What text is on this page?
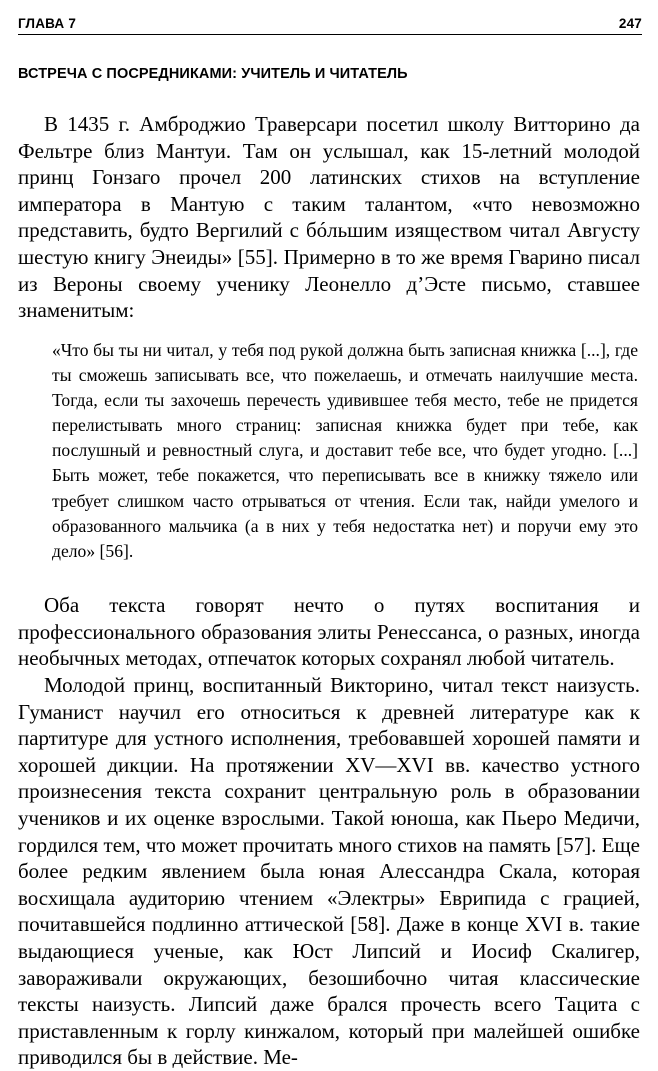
ГЛАВА 7	247
ВСТРЕЧА С ПОСРЕДНИКАМИ: УЧИТЕЛЬ И ЧИТАТЕЛЬ

В 1435 г. Амброджио Траверсари посетил школу Витторино да Фельтре близ Мантуи. Там он услышал, как 15-летний молодой принц Гонзаго прочел 200 латинских стихов на вступление императора в Мантую с таким талантом, «что невозможно представить, будто Вергилий с бóльшим изяществом читал Августу шестую книгу Энеиды» [55]. Примерно в то же время Гварино писал из Вероны своему ученику Леонелло д’Эсте письмо, ставшее знаменитым:

«Что бы ты ни читал, у тебя под рукой должна быть записная книжка [...], где ты сможешь записывать все, что пожелаешь, и отмечать наилучшие места. Тогда, если ты захочешь перечесть удивившее тебя место, тебе не придется перелистывать много страниц: записная книжка будет при тебе, как послушный и ревностный слуга, и доставит тебе все, что будет угодно. [...] Быть может, тебе покажется, что переписывать все в книжку тяжело или требует слишком часто отрываться от чтения. Если так, найди умелого и образованного мальчика (а в них у тебя недостатка нет) и поручи ему это дело» [56].

Оба текста говорят нечто о путях воспитания и профессионального образования элиты Ренессанса, о разных, иногда необычных методах, отпечаток которых сохранял любой читатель.

Молодой принц, воспитанный Викторино, читал текст наизусть. Гуманист научил его относиться к древней литературе как к партитуре для устного исполнения, требовавшей хорошей памяти и хорошей дикции. На протяжении XV—XVI вв. качество устного произнесения текста сохранит центральную роль в образовании учеников и их оценке взрослыми. Такой юноша, как Пьеро Медичи, гордился тем, что может прочитать много стихов на память [57]. Еще более редким явлением была юная Алессандра Скала, которая восхищала аудиторию чтением «Электры» Еврипида с грацией, почитавшейся подлинно аттической [58]. Даже в конце XVI в. такие выдающиеся ученые, как Юст Липсий и Иосиф Скалигер, завораживали окружающих, безошибочно читая классические тексты наизусть. Липсий даже брался прочесть всего Тацита с приставленным к горлу кинжалом, который при малейшей ошибке приводился бы в действие. Ме-
